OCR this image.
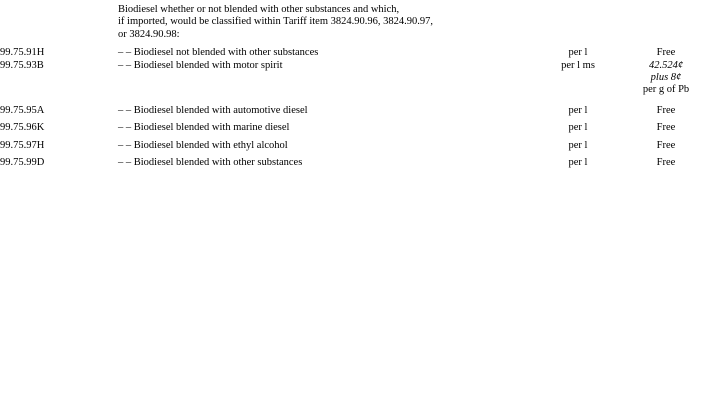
	Biodiesel whether or not blended with other substances and which,
if imported, would be classified within Tariff item 3824.90.96, 3824.90.97,
or 3824.90.98:		

99.75.91H	– – Biodiesel not blended with other substances	per l	Free

99.75.93B	– – Biodiesel blended with motor spirit	per l ms	42.524¢
plus 8¢
per g of Pb

99.75.95A	– – Biodiesel blended with automotive diesel	per l	Free

99.75.96K	– – Biodiesel blended with marine diesel	per l	Free

99.75.97H	– – Biodiesel blended with ethyl alcohol	per l	Free

99.75.99D	– – Biodiesel blended with other substances	per l	Free
